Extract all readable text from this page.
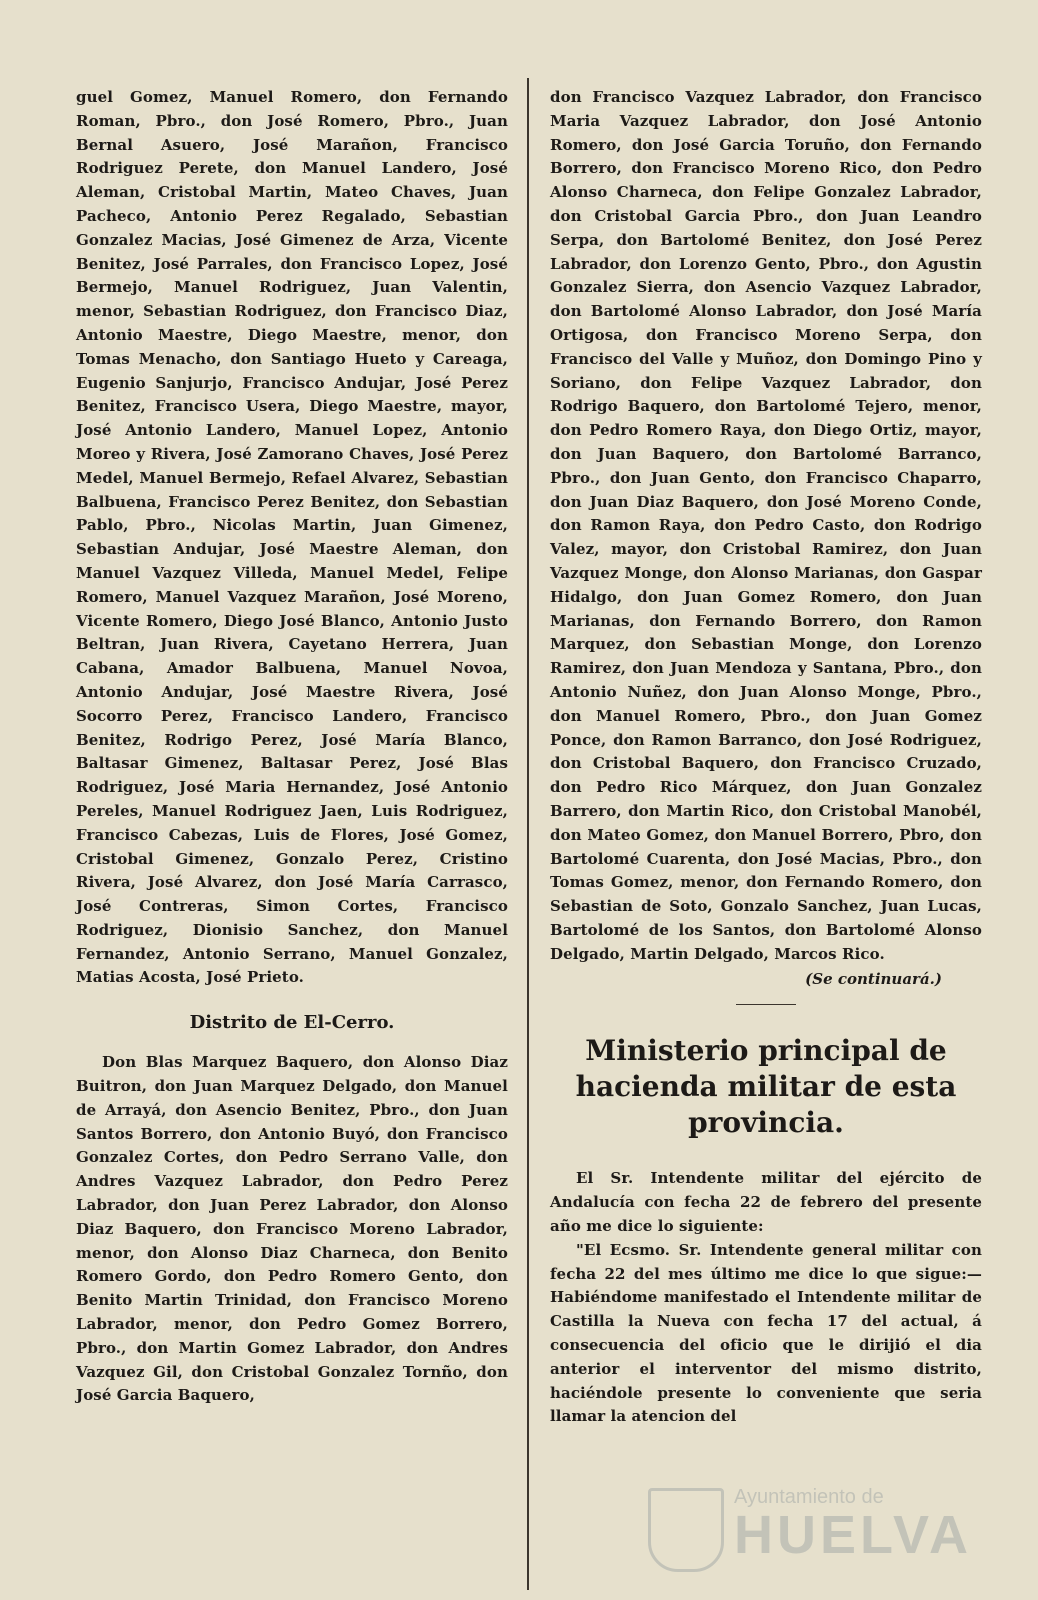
guel Gomez, Manuel Romero, don Fernando Roman, Pbro., don José Romero, Pbro., Juan Bernal Asuero, José Marañon, Francisco Rodriguez Perete, don Manuel Landero, José Aleman, Cristobal Martin, Mateo Chaves, Juan Pacheco, Antonio Perez Regalado, Sebastian Gonzalez Macias, José Gimenez de Arza, Vicente Benitez, José Parrales, don Francisco Lopez, José Bermejo, Manuel Rodriguez, Juan Valentin, menor, Sebastian Rodriguez, don Francisco Diaz, Antonio Maestre, Diego Maestre, menor, don Tomas Menacho, don Santiago Hueto y Careaga, Eugenio Sanjurjo, Francisco Andujar, José Perez Benitez, Francisco Usera, Diego Maestre, mayor, José Antonio Landero, Manuel Lopez, Antonio Moreo y Rivera, José Zamorano Chaves, José Perez Medel, Manuel Bermejo, Refael Alvarez, Sebastian Balbuena, Francisco Perez Benitez, don Sebastian Pablo, Pbro., Nicolas Martin, Juan Gimenez, Sebastian Andujar, José Maestre Aleman, don Manuel Vazquez Villeda, Manuel Medel, Felipe Romero, Manuel Vazquez Marañon, José Moreno, Vicente Romero, Diego José Blanco, Antonio Justo Beltran, Juan Rivera, Cayetano Herrera, Juan Cabana, Amador Balbuena, Manuel Novoa, Antonio Andujar, José Maestre Rivera, José Socorro Perez, Francisco Landero, Francisco Benitez, Rodrigo Perez, José María Blanco, Baltasar Gimenez, Baltasar Perez, José Blas Rodriguez, José Maria Hernandez, José Antonio Pereles, Manuel Rodriguez Jaen, Luis Rodriguez, Francisco Cabezas, Luis de Flores, José Gomez, Cristobal Gimenez, Gonzalo Perez, Cristino Rivera, José Alvarez, don José María Carrasco, José Contreras, Simon Cortes, Francisco Rodriguez, Dionisio Sanchez, don Manuel Fernandez, Antonio Serrano, Manuel Gonzalez, Matias Acosta, José Prieto.

Distrito de El-Cerro.

Don Blas Marquez Baquero, don Alonso Diaz Buitron, don Juan Marquez Delgado, don Manuel de Arrayá, don Asencio Benitez, Pbro., don Juan Santos Borrero, don Antonio Buyó, don Francisco Gonzalez Cortes, don Pedro Serrano Valle, don Andres Vazquez Labrador, don Pedro Perez Labrador, don Juan Perez Labrador, don Alonso Diaz Baquero, don Francisco Moreno Labrador, menor, don Alonso Diaz Charneca, don Benito Romero Gordo, don Pedro Romero Gento, don Benito Martin Trinidad, don Francisco Moreno Labrador, menor, don Pedro Gomez Borrero, Pbro., don Martin Gomez Labrador, don Andres Vazquez Gil, don Cristobal Gonzalez Tornño, don José Garcia Baquero,

don Francisco Vazquez Labrador, don Francisco Maria Vazquez Labrador, don José Antonio Romero, don José Garcia Toruño, don Fernando Borrero, don Francisco Moreno Rico, don Pedro Alonso Charneca, don Felipe Gonzalez Labrador, don Cristobal Garcia Pbro., don Juan Leandro Serpa, don Bartolomé Benitez, don José Perez Labrador, don Lorenzo Gento, Pbro., don Agustin Gonzalez Sierra, don Asencio Vazquez Labrador, don Bartolomé Alonso Labrador, don José María Ortigosa, don Francisco Moreno Serpa, don Francisco del Valle y Muñoz, don Domingo Pino y Soriano, don Felipe Vazquez Labrador, don Rodrigo Baquero, don Bartolomé Tejero, menor, don Pedro Romero Raya, don Diego Ortiz, mayor, don Juan Baquero, don Bartolomé Barranco, Pbro., don Juan Gento, don Francisco Chaparro, don Juan Diaz Baquero, don José Moreno Conde, don Ramon Raya, don Pedro Casto, don Rodrigo Valez, mayor, don Cristobal Ramirez, don Juan Vazquez Monge, don Alonso Marianas, don Gaspar Hidalgo, don Juan Gomez Romero, don Juan Marianas, don Fernando Borrero, don Ramon Marquez, don Sebastian Monge, don Lorenzo Ramirez, don Juan Mendoza y Santana, Pbro., don Antonio Nuñez, don Juan Alonso Monge, Pbro., don Manuel Romero, Pbro., don Juan Gomez Ponce, don Ramon Barranco, don José Rodriguez, don Cristobal Baquero, don Francisco Cruzado, don Pedro Rico Márquez, don Juan Gonzalez Barrero, don Martin Rico, don Cristobal Manobél, don Mateo Gomez, don Manuel Borrero, Pbro, don Bartolomé Cuarenta, don José Macias, Pbro., don Tomas Gomez, menor, don Fernando Romero, don Sebastian de Soto, Gonzalo Sanchez, Juan Lucas, Bartolomé de los Santos, don Bartolomé Alonso Delgado, Martin Delgado, Marcos Rico.

(Se continuará.)
Ministerio principal de hacienda militar de esta provincia.

El Sr. Intendente militar del ejército de Andalucía con fecha 22 de febrero del presente año me dice lo siguiente:

"El Ecsmo. Sr. Intendente general militar con fecha 22 del mes último me dice lo que sigue:—Habiéndome manifestado el Intendente militar de Castilla la Nueva con fecha 17 del actual, á consecuencia del oficio que le dirijió el dia anterior el interventor del mismo distrito, haciéndole presente lo conveniente que seria llamar la atencion del

Ayuntamiento de
HUELVA
